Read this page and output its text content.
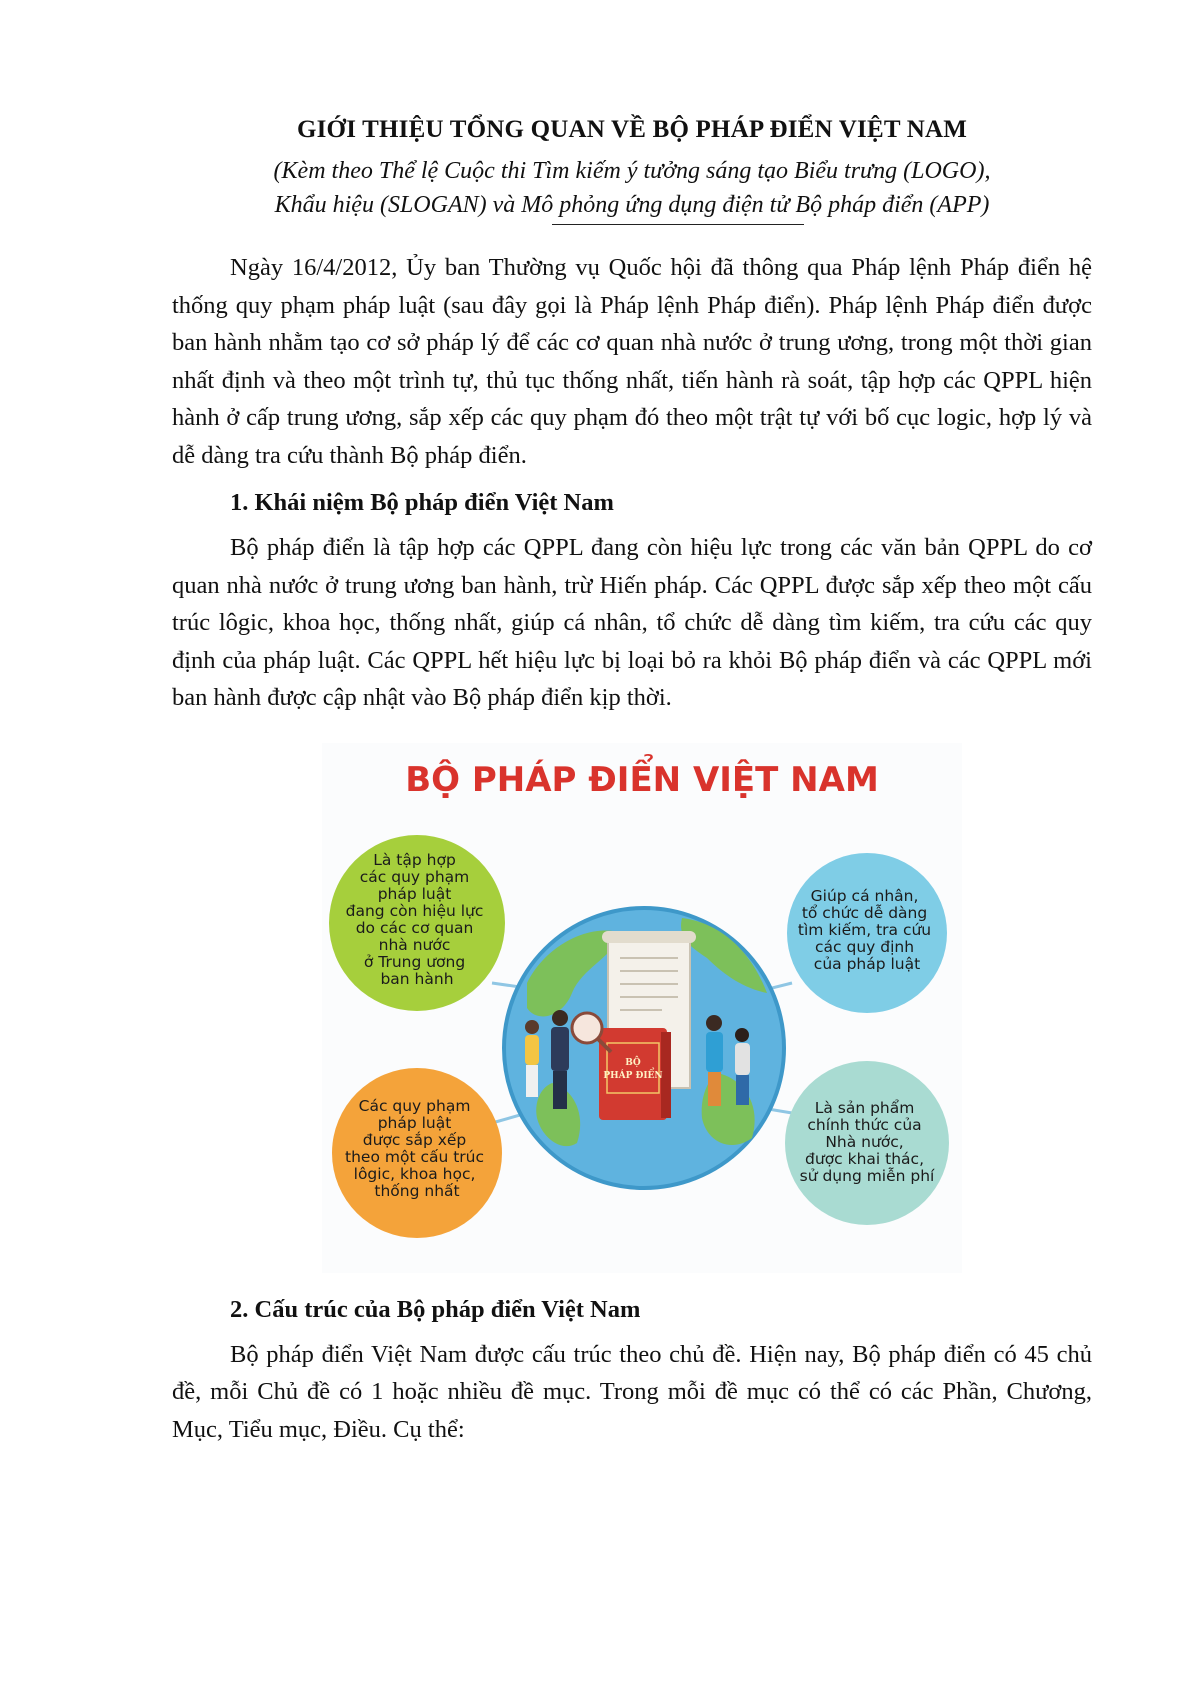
GIỚI THIỆU TỔNG QUAN VỀ BỘ PHÁP ĐIỂN VIỆT NAM

(Kèm theo Thể lệ Cuộc thi Tìm kiếm ý tưởng sáng tạo Biểu trưng (LOGO),

Khẩu hiệu (SLOGAN) và Mô phỏng ứng dụng điện tử Bộ pháp điển (APP)

Ngày 16/4/2012, Ủy ban Thường vụ Quốc hội đã thông qua Pháp lệnh Pháp điển hệ thống quy phạm pháp luật (sau đây gọi là Pháp lệnh Pháp điển). Pháp lệnh Pháp điển được ban hành nhằm tạo cơ sở pháp lý để các cơ quan nhà nước ở trung ương, trong một thời gian nhất định và theo một trình tự, thủ tục thống nhất, tiến hành rà soát, tập hợp các QPPL hiện hành ở cấp trung ương, sắp xếp các quy phạm đó theo một trật tự với bố cục logic, hợp lý và dễ dàng tra cứu thành Bộ pháp điển.

1. Khái niệm Bộ pháp điển Việt Nam

Bộ pháp điển là tập hợp các QPPL đang còn hiệu lực trong các văn bản QPPL do cơ quan nhà nước ở trung ương ban hành, trừ Hiến pháp. Các QPPL được sắp xếp theo một cấu trúc lôgic, khoa học, thống nhất, giúp cá nhân, tổ chức dễ dàng tìm kiếm, tra cứu các quy định của pháp luật. Các QPPL hết hiệu lực bị loại bỏ ra khỏi Bộ pháp điển và các QPPL mới ban hành được cập nhật vào Bộ pháp điển kịp thời.

BỘ PHÁP ĐIỂN VIỆT NAM
BỘ
PHÁP ĐIỂN
Là tập hợp các quy phạm pháp luật đang còn hiệu lực do các cơ quan nhà nước ở Trung ương ban hành
Giúp cá nhân, tổ chức dễ dàng tìm kiếm, tra cứu các quy định của pháp luật
Các quy phạm pháp luật được sắp xếp theo một cấu trúc lôgic, khoa học, thống nhất
Là sản phẩm chính thức của Nhà nước, được khai thác, sử dụng miễn phí
2. Cấu trúc của Bộ pháp điển Việt Nam

Bộ pháp điển Việt Nam được cấu trúc theo chủ đề. Hiện nay, Bộ pháp điển có 45 chủ đề, mỗi Chủ đề có 1 hoặc nhiều đề mục. Trong mỗi đề mục có thể có các Phần, Chương, Mục, Tiểu mục, Điều. Cụ thể:
